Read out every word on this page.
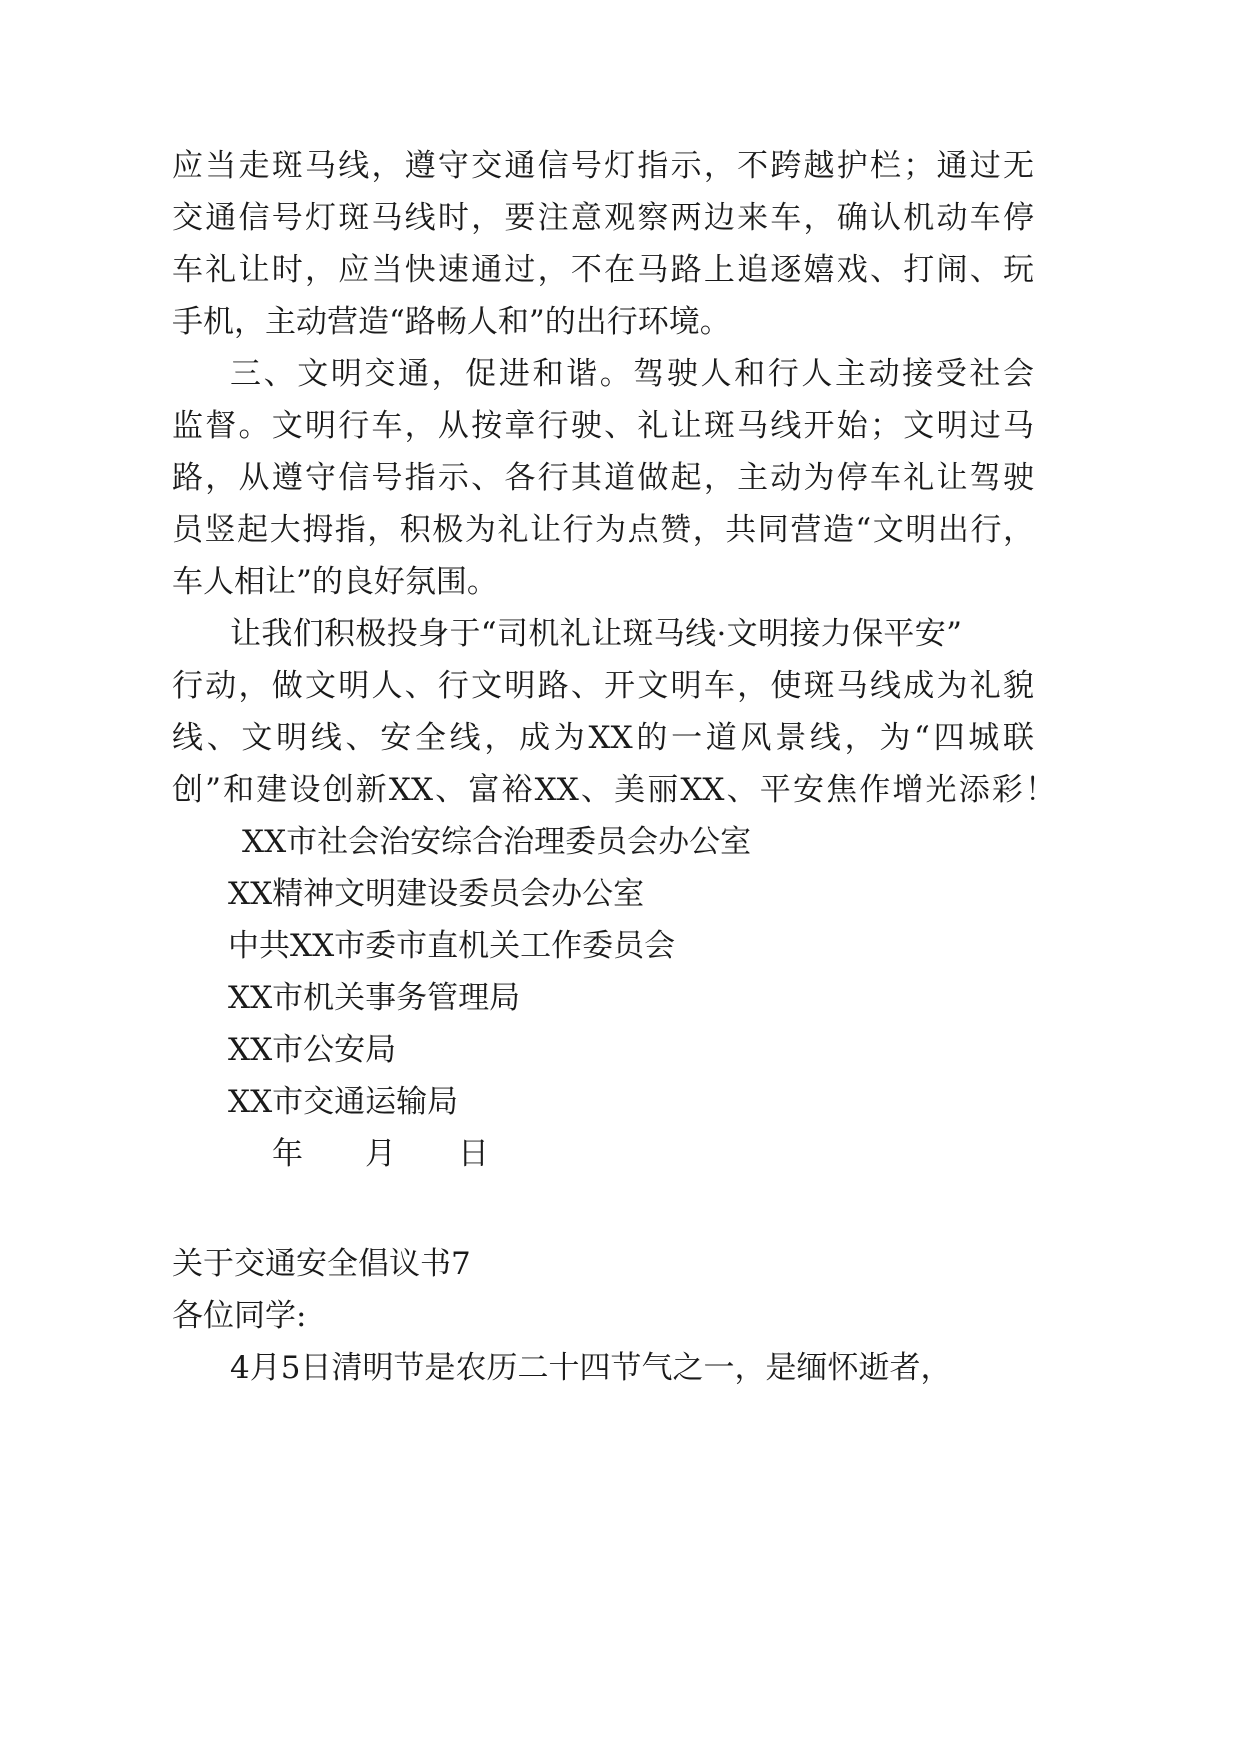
应当走斑马线，遵守交通信号灯指示，不跨越护栏；通过无
交通信号灯斑马线时，要注意观察两边来车，确认机动车停
车礼让时，应当快速通过，不在马路上追逐嬉戏、打闹、玩
手机，主动营造“路畅人和”的出行环境。
三、文明交通，促进和谐。驾驶人和行人主动接受社会
监督。文明行车，从按章行驶、礼让斑马线开始；文明过马
路，从遵守信号指示、各行其道做起，主动为停车礼让驾驶
员竖起大拇指，积极为礼让行为点赞，共同营造“文明出行，
车人相让”的良好氛围。
让我们积极投身于“司机礼让斑马线·文明接力保平安”
行动，做文明人、行文明路、开文明车，使斑马线成为礼貌
线、文明线、安全线，成为XX的一道风景线，为“四城联
创”和建设创新XX、富裕XX、美丽XX、平安焦作增光添彩！
XX市社会治安综合治理委员会办公室
XX精神文明建设委员会办公室
中共XX市委市直机关工作委员会
XX市机关事务管理局
XX市公安局
XX市交通运输局
年　　月　　日
关于交通安全倡议书7
各位同学:
4月5日清明节是农历二十四节气之一，是缅怀逝者，
